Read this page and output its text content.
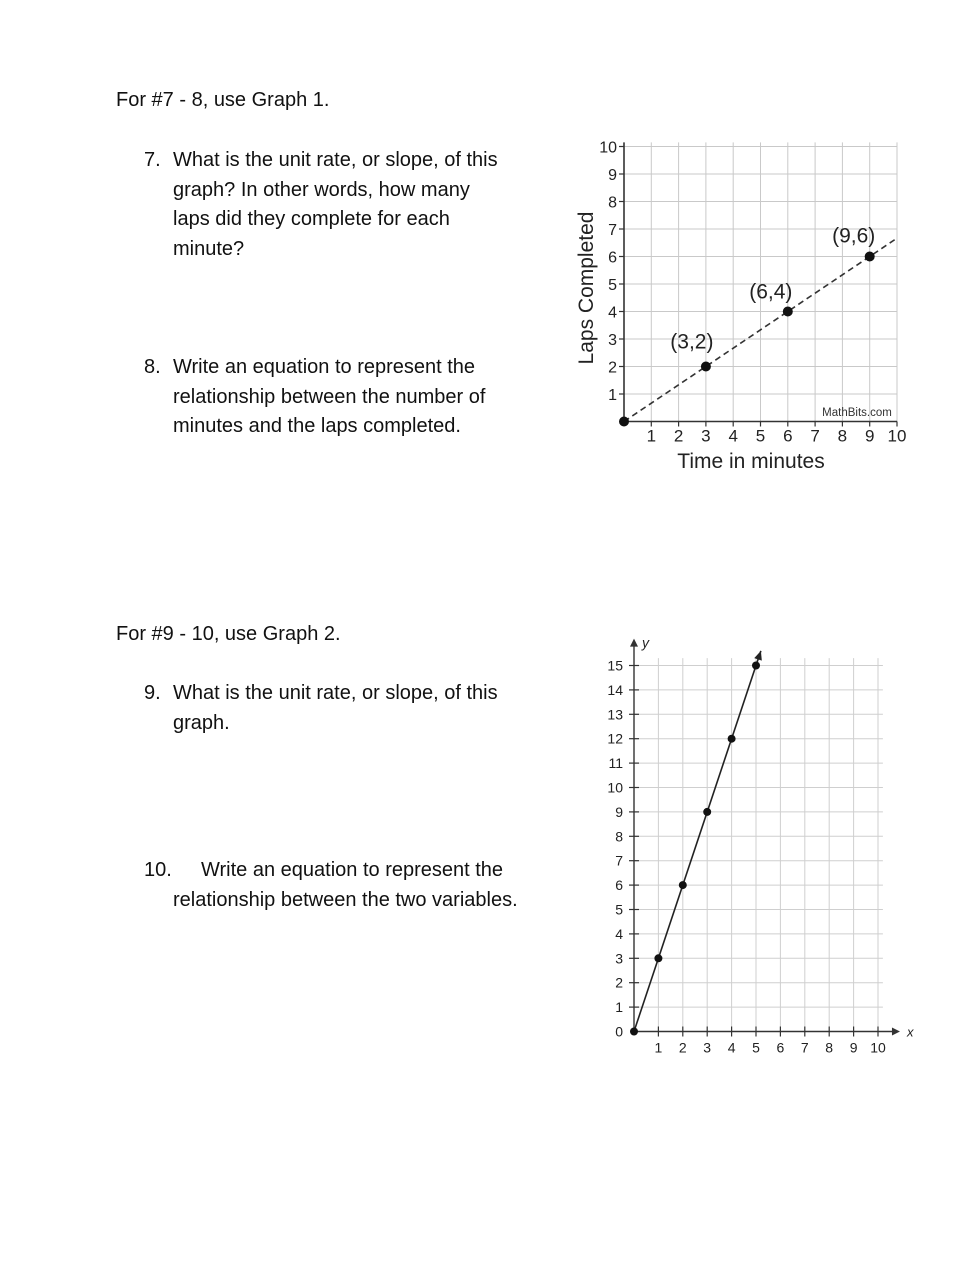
For #7 - 8, use Graph 1.
7. What is the unit rate, or slope, of this
graph? In other words, how many
laps did they complete for each
minute?
8. Write an equation to represent the
relationship between the number of
minutes and the laps completed.
For #9 - 10, use Graph 2.
9. What is the unit rate, or slope, of this
graph.
10. Write an equation to represent the
relationship between the two variables.
1 2 3 4 5 6 7 8 9 10
1
2
3
4
5
6
7
8
9
10
(3,2)
(6,4)
(9,6)
Time in minutes
Laps Completed
MathBits.com
1 2 3 4 5 6 7 8 9 10
0
1
2
3
4
5
6
7
8
9
10
11
12
13
14
15
x
y
